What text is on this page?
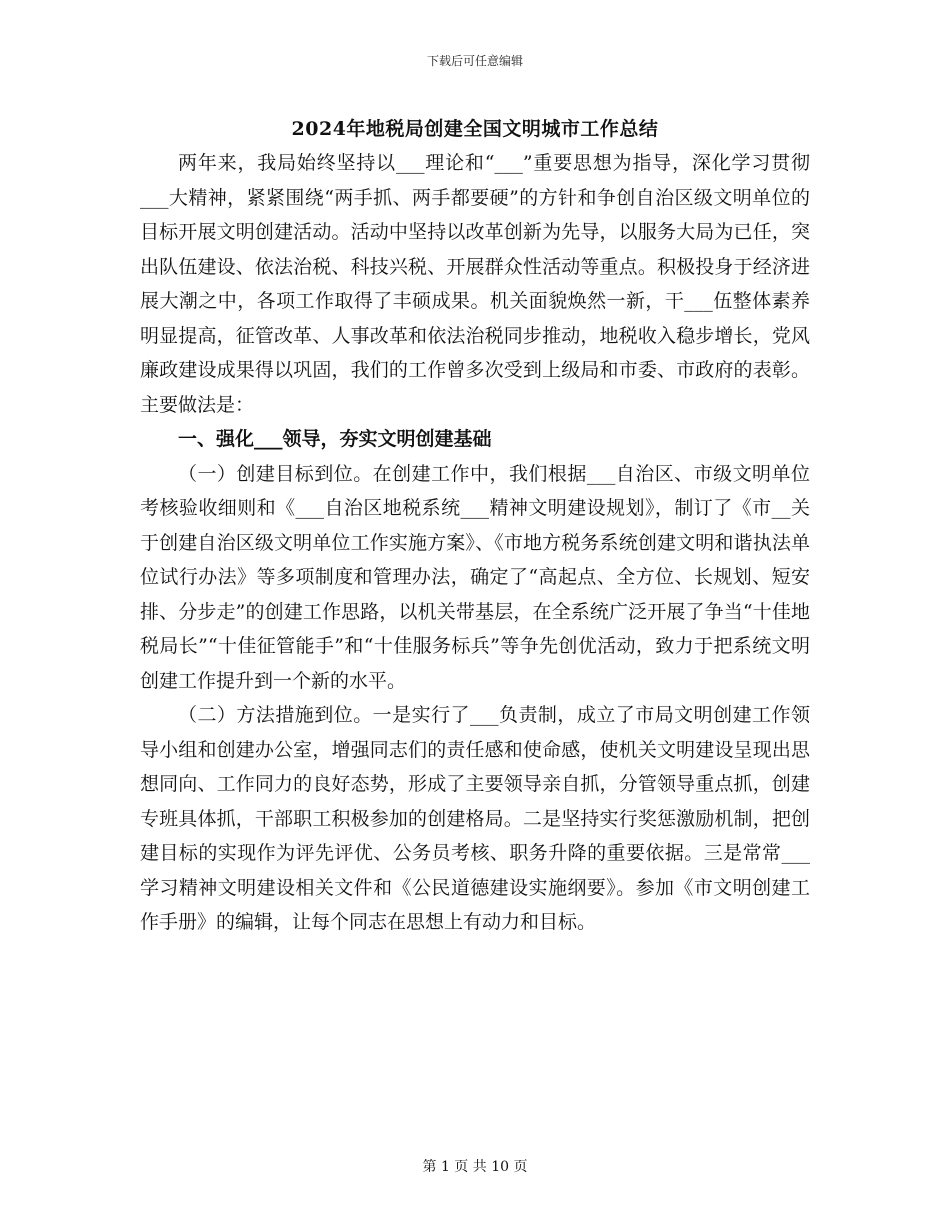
下载后可任意编辑
2024年地税局创建全国文明城市工作总结

两年来，我局始终坚持以___理论和“___”重要思想为指导，深化学习贯彻___大精神，紧紧围绕“两手抓、两手都要硬”的方针和争创自治区级文明单位的目标开展文明创建活动。活动中坚持以改革创新为先导，以服务大局为已任，突出队伍建设、依法治税、科技兴税、开展群众性活动等重点。积极投身于经济进展大潮之中，各项工作取得了丰硕成果。机关面貌焕然一新，干___伍整体素养明显提高，征管改革、人事改革和依法治税同步推动，地税收入稳步增长，党风廉政建设成果得以巩固，我们的工作曾多次受到上级局和市委、市政府的表彰。主要做法是：

一、强化___领导，夯实文明创建基础

（一）创建目标到位。在创建工作中，我们根据___自治区、市级文明单位考核验收细则和《___自治区地税系统___精神文明建设规划》，制订了《市__关于创建自治区级文明单位工作实施方案》、《市地方税务系统创建文明和谐执法单位试行办法》等多项制度和管理办法，确定了“高起点、全方位、长规划、短安排、分步走”的创建工作思路，以机关带基层，在全系统广泛开展了争当“十佳地税局长”“十佳征管能手”和“十佳服务标兵”等争先创优活动，致力于把系统文明创建工作提升到一个新的水平。

（二）方法措施到位。一是实行了___负责制，成立了市局文明创建工作领导小组和创建办公室，增强同志们的责任感和使命感，使机关文明建设呈现出思想同向、工作同力的良好态势，形成了主要领导亲自抓，分管领导重点抓，创建专班具体抓，干部职工积极参加的创建格局。二是坚持实行奖惩激励机制，把创建目标的实现作为评先评优、公务员考核、职务升降的重要依据。三是常常___学习精神文明建设相关文件和《公民道德建设实施纲要》。参加《市文明创建工作手册》的编辑，让每个同志在思想上有动力和目标。

第 1 页 共 10 页
